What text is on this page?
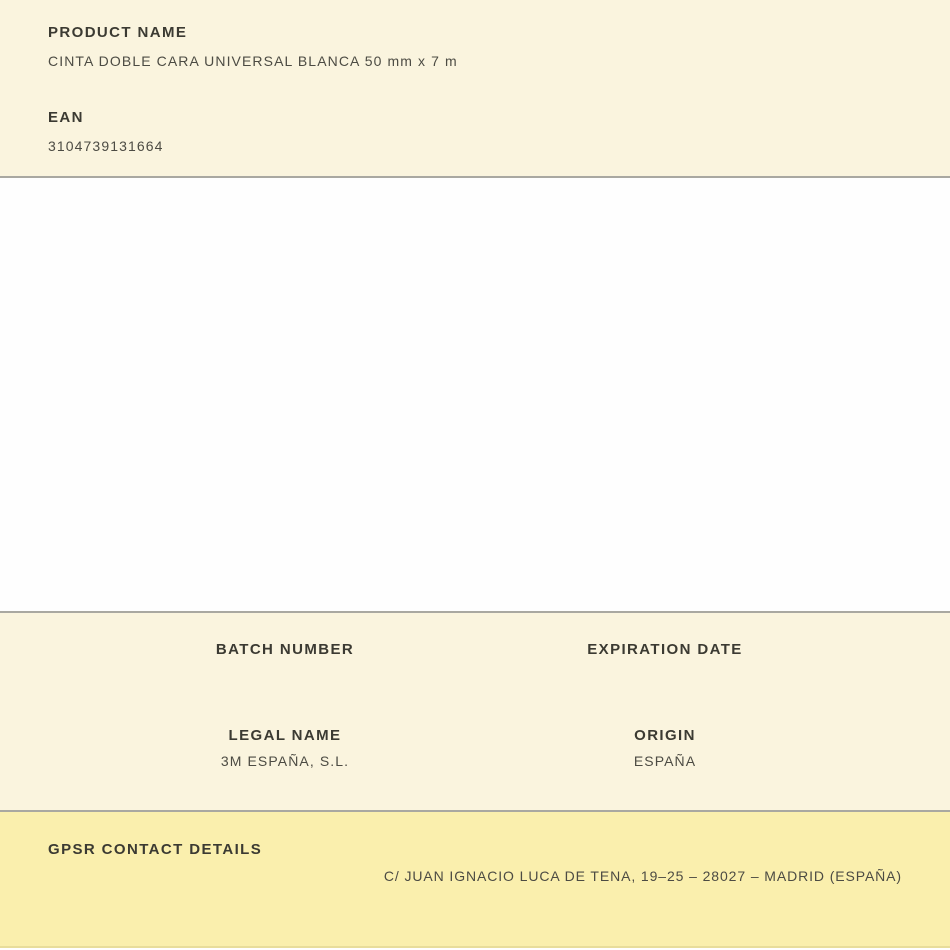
PRODUCT NAME
CINTA DOBLE CARA UNIVERSAL BLANCA 50 mm x 7 m
EAN
3104739131664
BATCH NUMBER	EXPIRATION DATE
LEGAL NAME
3M ESPAÑA, S.L.
ORIGIN
ESPAÑA
GPSR CONTACT DETAILS
C/ JUAN IGNACIO LUCA DE TENA, 19–25 – 28027 – MADRID (ESPAÑA)
